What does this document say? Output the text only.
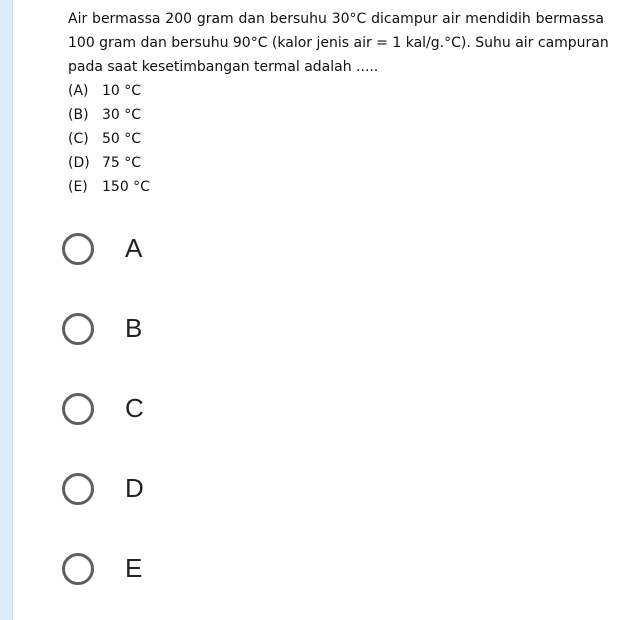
Air bermassa 200 gram dan bersuhu 30°C dicampur air mendidih bermassa
100 gram dan bersuhu 90°C (kalor jenis air = 1 kal/g.°C). Suhu air campuran
pada saat kesetimbangan termal adalah .....
(A) 10 °C
(B) 30 °C
(C) 50 °C
(D) 75 °C
(E) 150 °C
A
B
C
D
E
